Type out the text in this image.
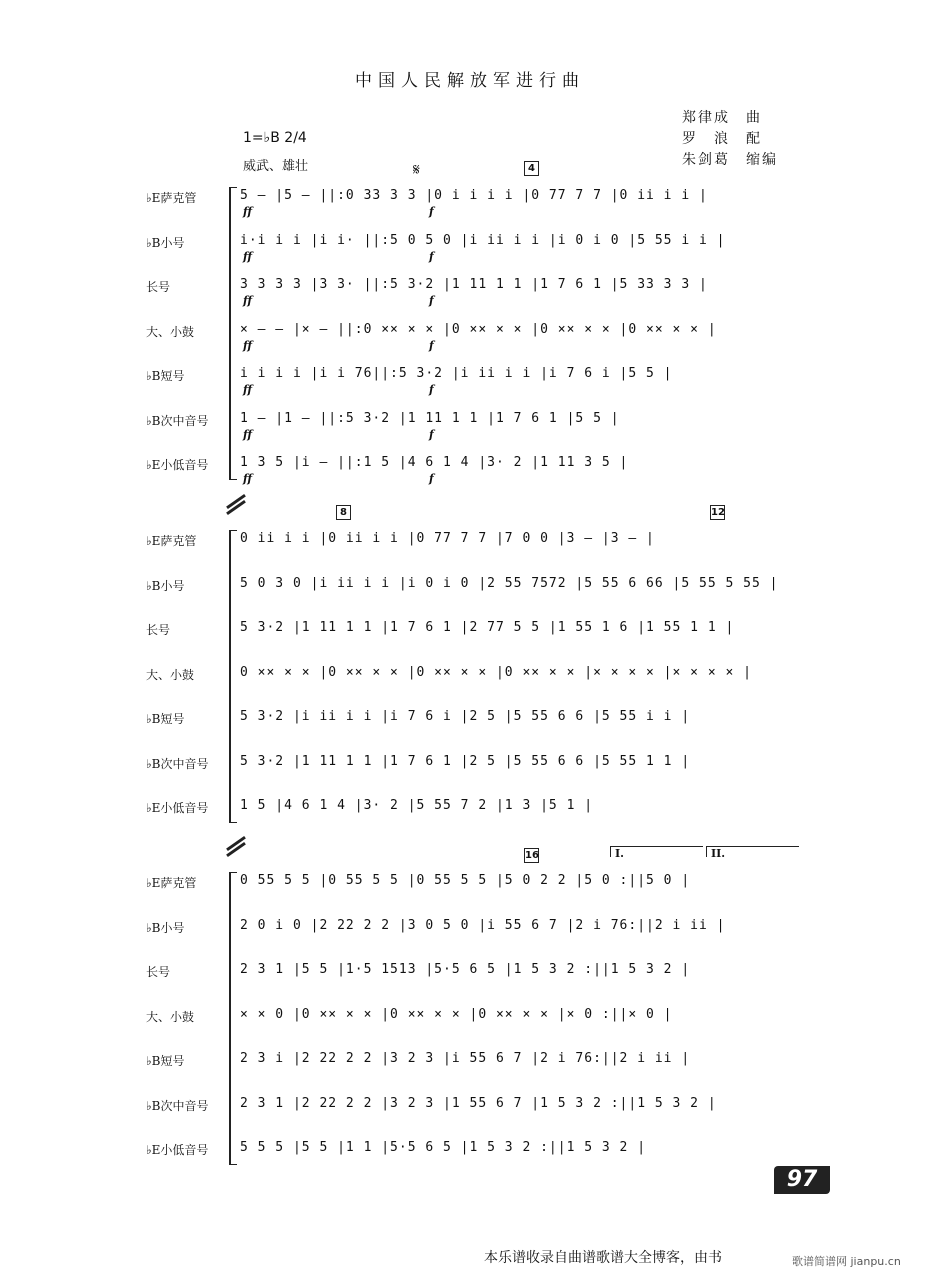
中国人民解放军进行曲
郑律成　曲
罗　浪　配
朱剑葛　缩编
1=♭B 2/4
威武、雄壮	𝄋	4
8	12
16	I.	II.
♭E萨克管	5 – |5 – ||:0 33 3 3 |0 i i i i |0 77 7 7 |0 ii i i |
ff	f
♭B小号	i·i i i |i i· ||:5 0 5 0 |i ii i i |i 0 i 0 |5 55 i i |
ff	f
长号	3 3 3 3 |3 3· ||:5 3·2 |1 11 1 1 |1 7 6 1 |5 33 3 3 |
ff	f
大、小鼓	× – – |× – ||:0 ×× × × |0 ×× × × |0 ×× × × |0 ×× × × |
ff	f
♭B短号	i i i i |i i 76||:5 3·2 |i ii i i |i 7 6 i |5 5 |
ff	f
♭B次中音号	1 – |1 – ||:5 3·2 |1 11 1 1 |1 7 6 1 |5 5 |
ff	f
♭E小低音号	1 3 5 |i – ||:1 5 |4 6 1 4 |3· 2 |1 11 3 5 |
ff	f
♭E萨克管	0 ii i i |0 ii i i |0 77 7 7 |7 0 0 |3 – |3 – |
♭B小号	5 0 3 0 |i ii i i |i 0 i 0 |2 55 7572 |5 55 6 66 |5 55 5 55 |
长号	5 3·2 |1 11 1 1 |1 7 6 1 |2 77 5 5 |1 55 1 6 |1 55 1 1 |
大、小鼓	0 ×× × × |0 ×× × × |0 ×× × × |0 ×× × × |× × × × |× × × × |
♭B短号	5 3·2 |i ii i i |i 7 6 i |2 5 |5 55 6 6 |5 55 i i |
♭B次中音号	5 3·2 |1 11 1 1 |1 7 6 1 |2 5 |5 55 6 6 |5 55 1 1 |
♭E小低音号	1 5 |4 6 1 4 |3· 2 |5 55 7 2 |1 3 |5 1 |
♭E萨克管	0 55 5 5 |0 55 5 5 |0 55 5 5 |5 0 2 2 |5 0 :||5 0 |
♭B小号	2 0 i 0 |2 22 2 2 |3 0 5 0 |i 55 6 7 |2 i 76:||2 i ii |
长号	2 3 1 |5 5 |1·5 1513 |5·5 6 5 |1 5 3 2 :||1 5 3 2 |
大、小鼓	× × 0 |0 ×× × × |0 ×× × × |0 ×× × × |× 0 :||× 0 |
♭B短号	2 3 i |2 22 2 2 |3 2 3 |i 55 6 7 |2 i 76:||2 i ii |
♭B次中音号	2 3 1 |2 22 2 2 |3 2 3 |1 55 6 7 |1 5 3 2 :||1 5 3 2 |
♭E小低音号	5 5 5 |5 5 |1 1 |5·5 6 5 |1 5 3 2 :||1 5 3 2 |
97
本乐谱收录自曲谱歌谱大全博客，由书	歌谱简谱网 jianpu.cn
